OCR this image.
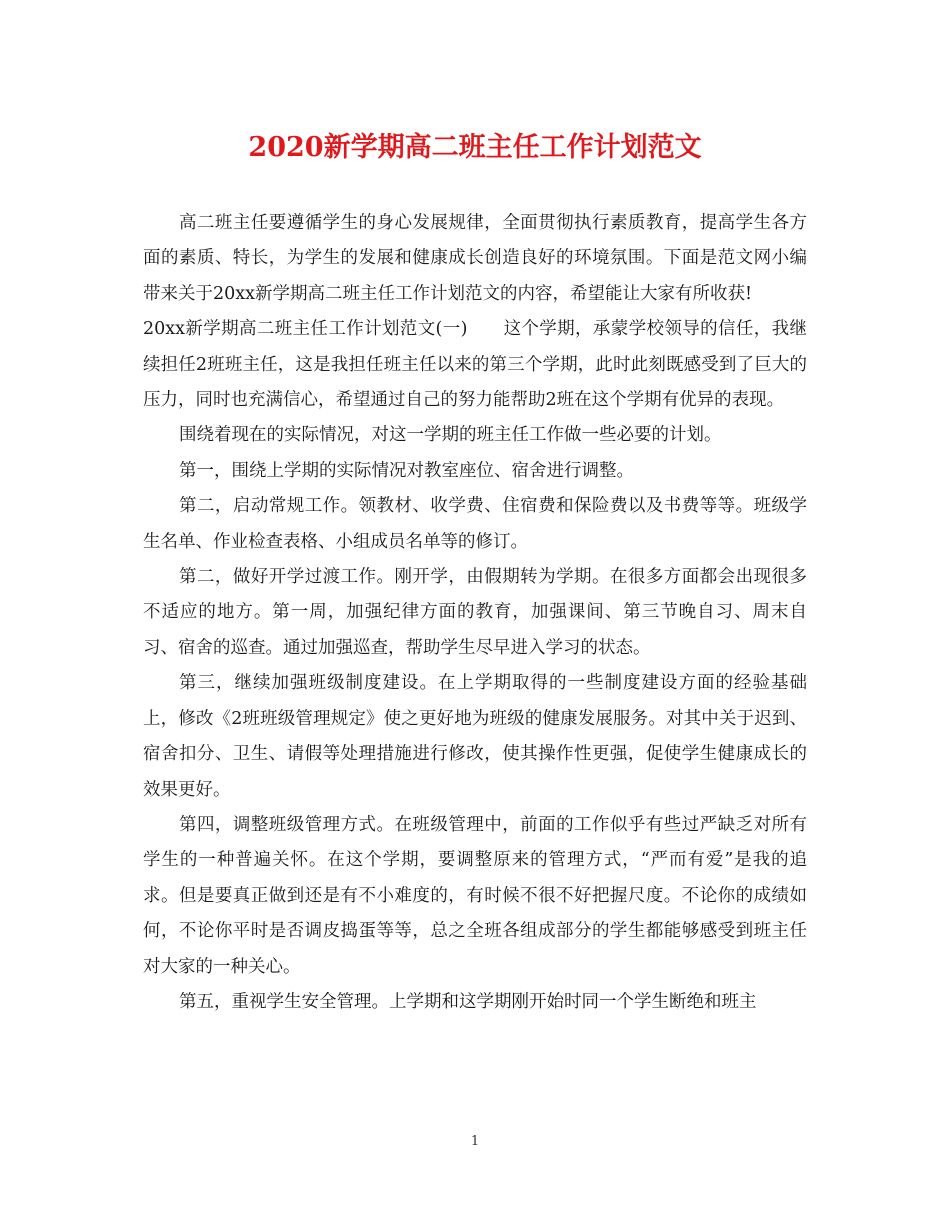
2020新学期高二班主任工作计划范文

高二班主任要遵循学生的身心发展规律，全面贯彻执行素质教育，提高学生各方面的素质、特长，为学生的发展和健康成长创造良好的环境氛围。下面是范文网小编带来关于20xx新学期高二班主任工作计划范文的内容，希望能让大家有所收获!

20xx新学期高二班主任工作计划范文(一)　　这个学期，承蒙学校领导的信任，我继续担任2班班主任，这是我担任班主任以来的第三个学期，此时此刻既感受到了巨大的压力，同时也充满信心，希望通过自己的努力能帮助2班在这个学期有优异的表现。

围绕着现在的实际情况，对这一学期的班主任工作做一些必要的计划。

第一，围绕上学期的实际情况对教室座位、宿舍进行调整。

第二，启动常规工作。领教材、收学费、住宿费和保险费以及书费等等。班级学生名单、作业检查表格、小组成员名单等的修订。

第二，做好开学过渡工作。刚开学，由假期转为学期。在很多方面都会出现很多不适应的地方。第一周，加强纪律方面的教育，加强课间、第三节晚自习、周末自习、宿舍的巡查。通过加强巡查，帮助学生尽早进入学习的状态。

第三，继续加强班级制度建设。在上学期取得的一些制度建设方面的经验基础上，修改《2班班级管理规定》使之更好地为班级的健康发展服务。对其中关于迟到、宿舍扣分、卫生、请假等处理措施进行修改，使其操作性更强，促使学生健康成长的效果更好。

第四，调整班级管理方式。在班级管理中，前面的工作似乎有些过严缺乏对所有学生的一种普遍关怀。在这个学期，要调整原来的管理方式，“严而有爱”是我的追求。但是要真正做到还是有不小难度的，有时候不很不好把握尺度。不论你的成绩如何，不论你平时是否调皮捣蛋等等，总之全班各组成部分的学生都能够感受到班主任对大家的一种关心。

第五，重视学生安全管理。上学期和这学期刚开始时同一个学生断绝和班主

1
